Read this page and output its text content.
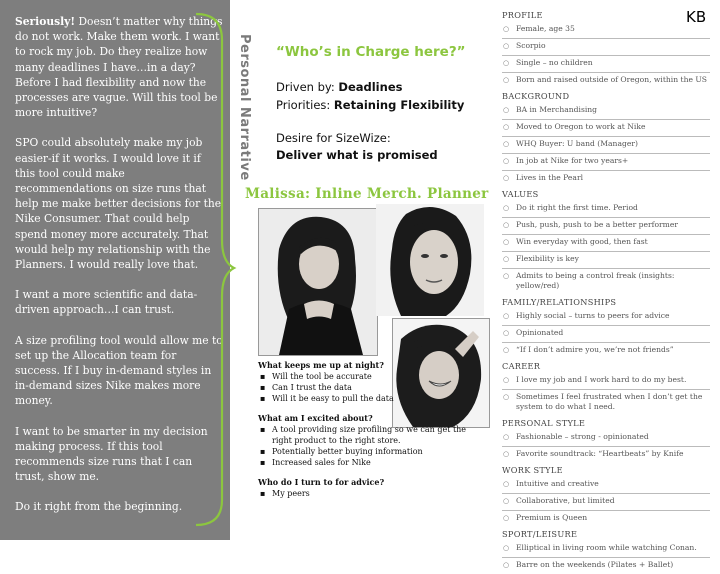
Seriously! Doesn’t matter why things do not work. Make them work. I want to rock my job. Do they realize how many deadlines I have…in a day? Before I had flexibility and now the processes are vague. Will this tool be more intuitive?

SPO could absolutely make my job easier-if it works. I would love it if this tool could make recommendations on size runs that help me make better decisions for the Nike Consumer. That could help spend money more accurately. That would help my relationship with the Planners. I would really love that.

I want a more scientific and data-driven approach…I can trust.

A size profiling tool would allow me to set up the Allocation team for success. If I buy in-demand styles in in-demand sizes Nike makes more money.

I want to be smarter in my decision making process. If this tool recommends size runs that I can trust, show me.

Do it right from the beginning.

Personal Narrative “Who’s in Charge here?”
Driven by: Deadlines
Priorities: Retaining Flexibility
Desire for SizeWize:
Deliver what is promised
Malissa: Inline Merch. Planner

What keeps me up at night?

▪ Will the tool be accurate
▪ Can I trust the data
▪ Will it be easy to pull the data

What am I excited about?

▪ A tool providing size profiling so we can get the right product to the right store.
▪ Potentially better buying information
▪ Increased sales for Nike

Who do I turn to for advice?

▪ My peers
KB
PROFILE
○ Female, age 35
○ Scorpio
○ Single – no children
○ Born and raised outside of Oregon, within the US
BACKGROUND
○ BA in Merchandising
○ Moved to Oregon to work at Nike
○ WHQ Buyer: U band (Manager)
○ In job at Nike for two years+
○ Lives in the Pearl
VALUES
○ Do it right the first time. Period
○ Push, push, push to be a better performer
○ Win everyday with good, then fast
○ Flexibility is key
○ Admits to being a control freak (insights: yellow/red)
FAMILY/RELATIONSHIPS
○ Highly social – turns to peers for advice
○ Opinionated
○ “If I don’t admire you, we’re not friends”
CAREER
○ I love my job and I work hard to do my best.
○ Sometimes I feel frustrated when I don’t get the system to do what I need.
PERSONAL STYLE
○ Fashionable – strong - opinionated
○ Favorite soundtrack: “Heartbeats” by Knife
WORK STYLE
○ Intuitive and creative
○ Collaborative, but limited
○ Premium is Queen
SPORT/LEISURE
○ Elliptical in living room while watching Conan.
○ Barre on the weekends (Pilates + Ballet)
